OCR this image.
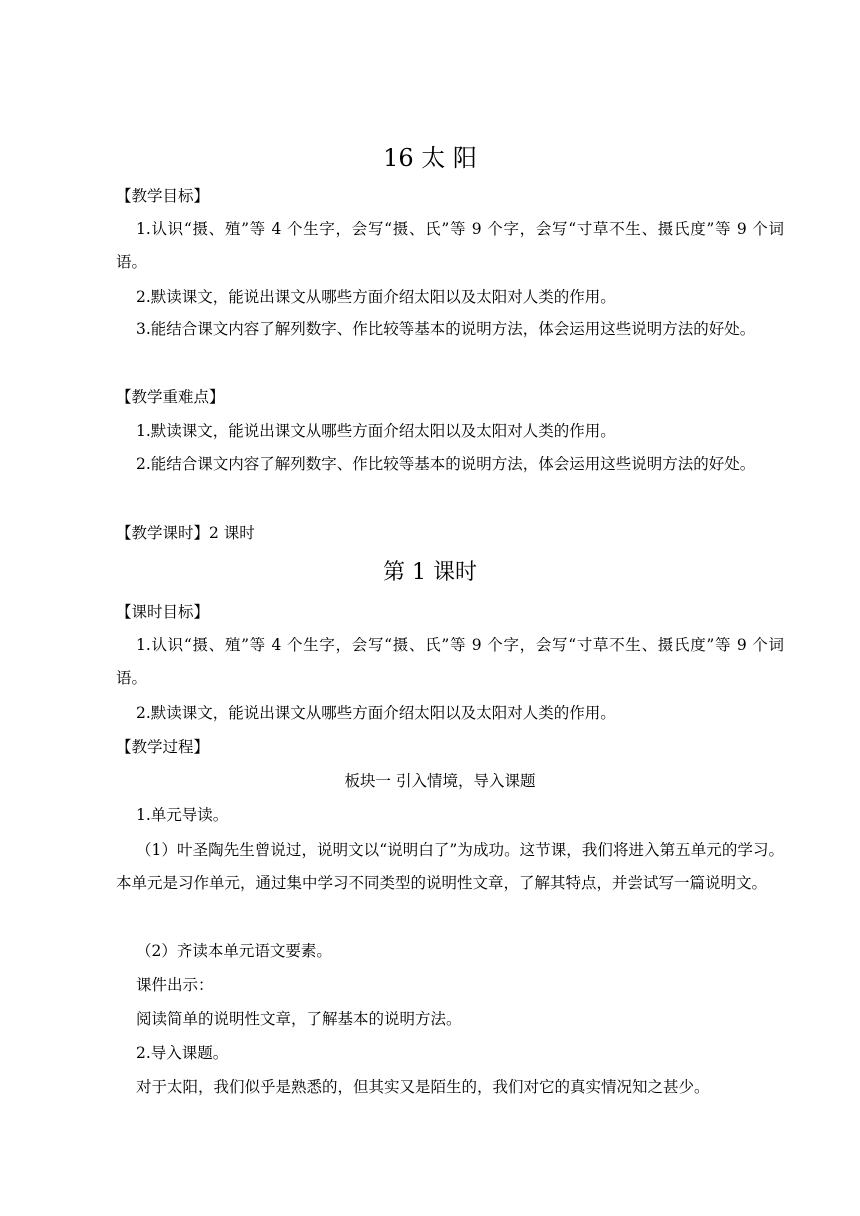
16 太 阳
【教学目标】
1.认识“摄、殖”等 4 个生字，会写“摄、氏”等 9 个字，会写“寸草不生、摄氏度”等 9 个词语。
2.默读课文，能说出课文从哪些方面介绍太阳以及太阳对人类的作用。
3.能结合课文内容了解列数字、作比较等基本的说明方法，体会运用这些说明方法的好处。
【教学重难点】
1.默读课文，能说出课文从哪些方面介绍太阳以及太阳对人类的作用。
2.能结合课文内容了解列数字、作比较等基本的说明方法，体会运用这些说明方法的好处。
【教学课时】2 课时
第 1 课时
【课时目标】
1.认识“摄、殖”等 4 个生字，会写“摄、氏”等 9 个字，会写“寸草不生、摄氏度”等 9 个词语。
2.默读课文，能说出课文从哪些方面介绍太阳以及太阳对人类的作用。
【教学过程】
板块一 引入情境，导入课题
1.单元导读。
（1）叶圣陶先生曾说过，说明文以“说明白了”为成功。这节课，我们将进入第五单元的学习。本单元是习作单元，通过集中学习不同类型的说明性文章，了解其特点，并尝试写一篇说明文。
（2）齐读本单元语文要素。
课件出示：
阅读简单的说明性文章，了解基本的说明方法。
2.导入课题。
对于太阳，我们似乎是熟悉的，但其实又是陌生的，我们对它的真实情况知之甚少。
